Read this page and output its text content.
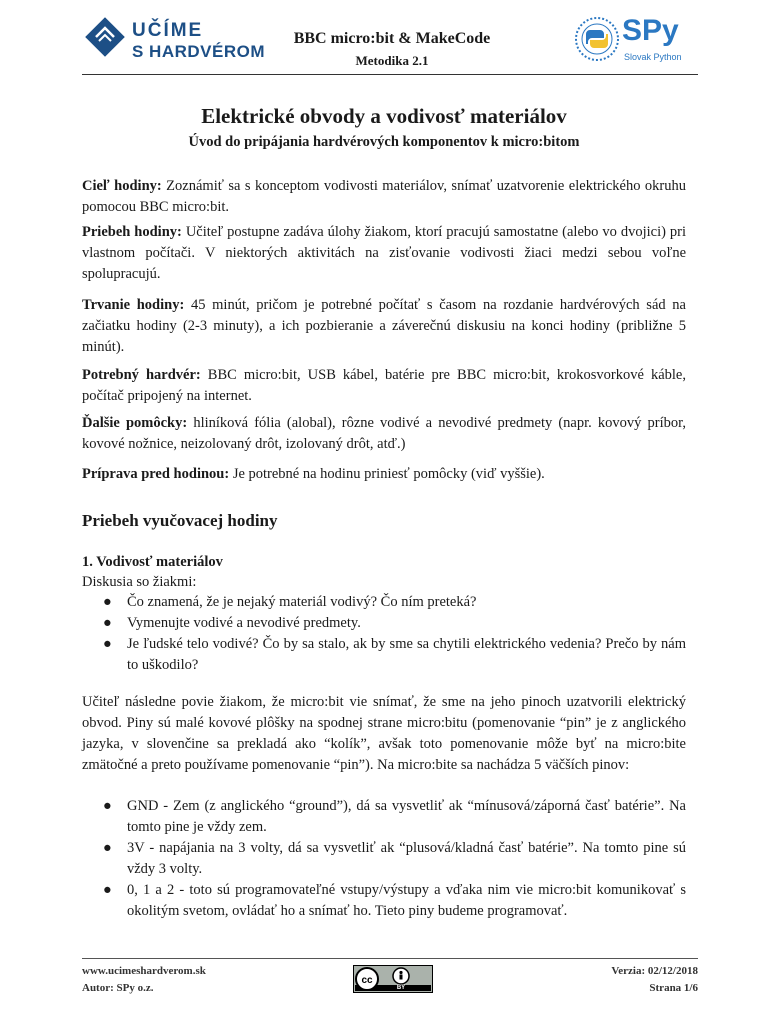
UČÍME
S HARDVÉROM
BBC micro:bit & MakeCode
Metodika 2.1
SPy
Slovak Python
Elektrické obvody a vodivosť materiálov
Úvod do pripájania hardvérových komponentov k micro:bitom

Cieľ hodiny: Zoznámiť sa s konceptom vodivosti materiálov, snímať uzatvorenie elektrického okruhu pomocou BBC micro:bit.

Priebeh hodiny: Učiteľ postupne zadáva úlohy žiakom, ktorí pracujú samostatne (alebo vo dvojici) pri vlastnom počítači. V niektorých aktivitách na zisťovanie vodivosti žiaci medzi sebou voľne spolupracujú.

Trvanie hodiny: 45 minút, pričom je potrebné počítať s časom na rozdanie hardvérových sád na začiatku hodiny (2-3 minuty), a ich pozbieranie a záverečnú diskusiu na konci hodiny (približne 5 minút).

Potrebný hardvér: BBC micro:bit, USB kábel, batérie pre BBC micro:bit, krokosvorkové káble, počítač pripojený na internet.

Ďalšie pomôcky: hliníková fólia (alobal), rôzne vodivé a nevodivé predmety (napr. kovový príbor, kovové nožnice, neizolovaný drôt, izolovaný drôt, atď.)

Príprava pred hodinou: Je potrebné na hodinu priniesť pomôcky (viď vyššie).

Priebeh vyučovacej hodiny
1. Vodivosť materiálov
Diskusia so žiakmi:
● Čo znamená, že je nejaký materiál vodivý? Čo ním preteká?
● Vymenujte vodivé a nevodivé predmety.
● Je ľudské telo vodivé? Čo by sa stalo, ak by sme sa chytili elektrického vedenia? Prečo by nám to uškodilo?

Učiteľ následne povie žiakom, že micro:bit vie snímať, že sme na jeho pinoch uzatvorili elektrický obvod. Piny sú malé kovové plôšky na spodnej strane micro:bitu (pomenovanie “pin” je z anglického jazyka, v slovenčine sa prekladá ako “kolík”, avšak toto pomenovanie môže byť na micro:bite zmätočné a preto používame pomenovanie “pin”). Na micro:bite sa nachádza 5 väčších pinov:

● GND - Zem (z anglického “ground”), dá sa vysvetliť ak “mínusová/záporná časť batérie”. Na tomto pine je vždy zem.
● 3V - napájania na 3 volty, dá sa vysvetliť ak “plusová/kladná časť batérie”. Na tomto pine sú vždy 3 volty.
● 0, 1 a 2 - toto sú programovateľné vstupy/výstupy a vďaka nim vie micro:bit komunikovať s okolitým svetom, ovládať ho a snímať ho. Tieto piny budeme programovať.
www.ucimeshardverom.sk
Autor: SPy o.z.
cc
BY
Verzia: 02/12/2018
Strana 1/6
